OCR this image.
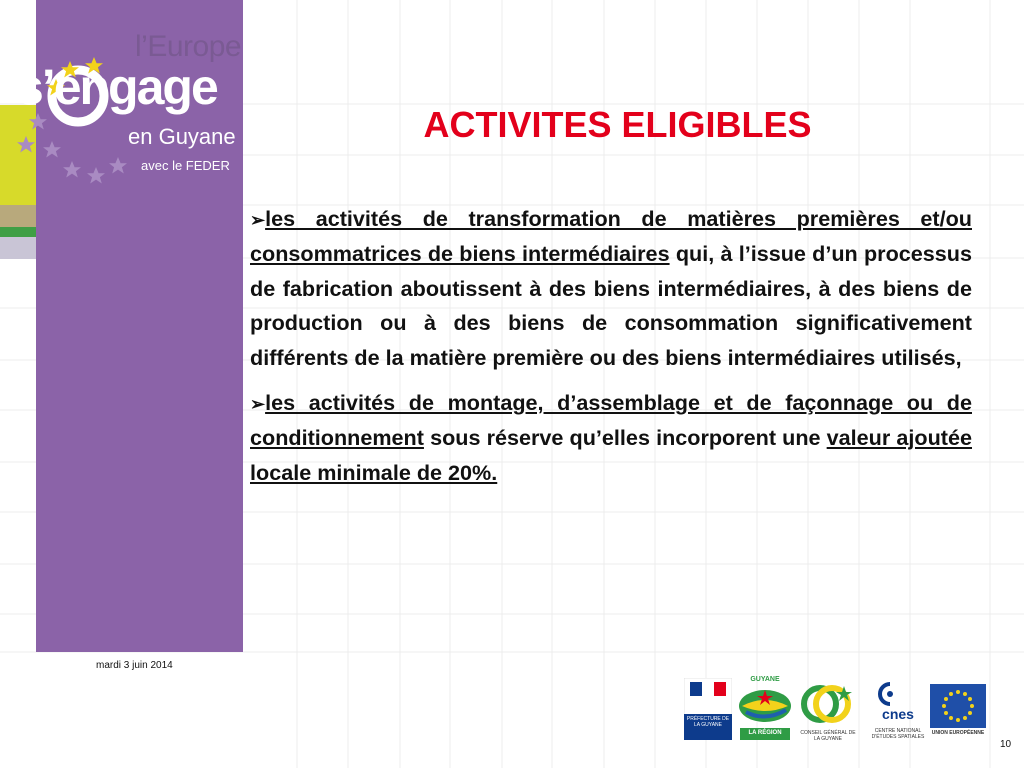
l’Europe
s’engage
en Guyane
avec le FEDER
ACTIVITES ELIGIBLES

➢les activités de transformation de matières premières et/ou consommatrices de biens intermédiaires qui, à l’issue d’un processus de fabrication aboutissent à des biens intermédiaires, à des biens de production ou à des biens de consommation significativement différents de la matière première ou des biens intermédiaires utilisés,

➢les activités de montage, d’assemblage et de façonnage ou de conditionnement sous réserve qu’elles incorporent une valeur ajoutée locale minimale de 20%.

mardi 3 juin 2014
10
PRÉFECTURE DE LA GUYANE
GUYANE
LA RÉGION	CONSEIL GÉNÉRAL DE LA GUYANE
cnes
CENTRE NATIONAL D'ÉTUDES SPATIALES
UNION EUROPÉENNE
